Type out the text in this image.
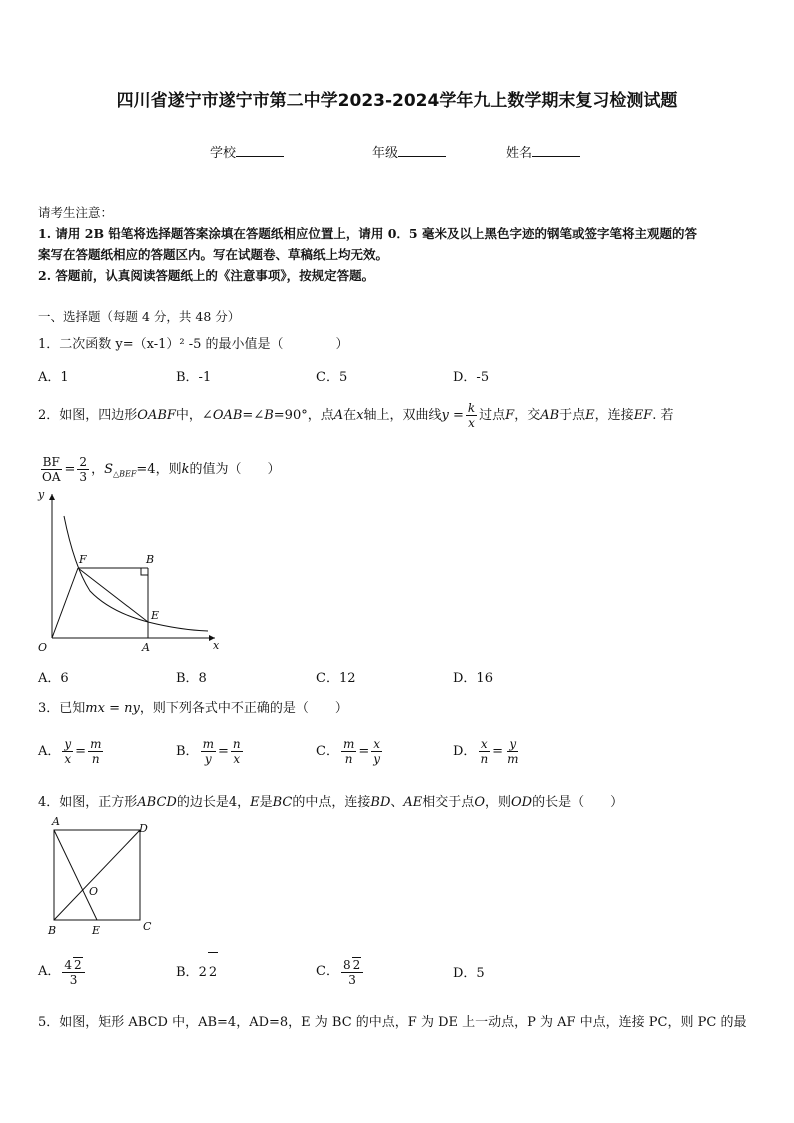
四川省遂宁市遂宁市第二中学2023-2024学年九上数学期末复习检测试题
学校	年级	姓名
请考生注意：
1. 请用 2B 铅笔将选择题答案涂填在答题纸相应位置上，请用 0．5 毫米及以上黑色字迹的钢笔或签字笔将主观题的答
案写在答题纸相应的答题区内。写在试题卷、草稿纸上均无效。
2. 答题前，认真阅读答题纸上的《注意事项》，按规定答题。
一、选择题（每题 4 分，共 48 分）
1．二次函数 y=（x-1）² -5 的最小值是（　　　　）
A．1	B．-1	C．5	D．-5
2．如图，四边形OABF中，∠OAB=∠B=90°，点A在x轴上，双曲线$y = \frac{k}{x}$ 过点F，交AB于点E，连接EF. 若
$\frac{BF}{OA} = \frac{2}{3}$ ，$S_{\triangle BEF}=4$，则k的值为（　　）
y
x
O	A
F	B
E
A．6	B．8	C．12	D．16
3．已知mx = ny，则下列各式中不正确的是（　　）
A． $\frac{y}{x} = \frac{m}{n}$	B． $\frac{m}{y} = \frac{n}{x}$	C． $\frac{m}{n} = \frac{x}{y}$	D． $\frac{x}{n} = \frac{y}{m}$
4．如图，正方形ABCD的边长是4，E是BC的中点，连接BD、AE相交于点O，则OD的长是（　　）
A
D
B	E	C
O
A． $\frac{4 2}{3}$	B．2 2	C． $\frac{8 2}{3}$	D．5
5．如图，矩形 ABCD 中，AB=4，AD=8，E 为 BC 的中点，F 为 DE 上一动点，P 为 AF 中点，连接 PC，则 PC 的最
